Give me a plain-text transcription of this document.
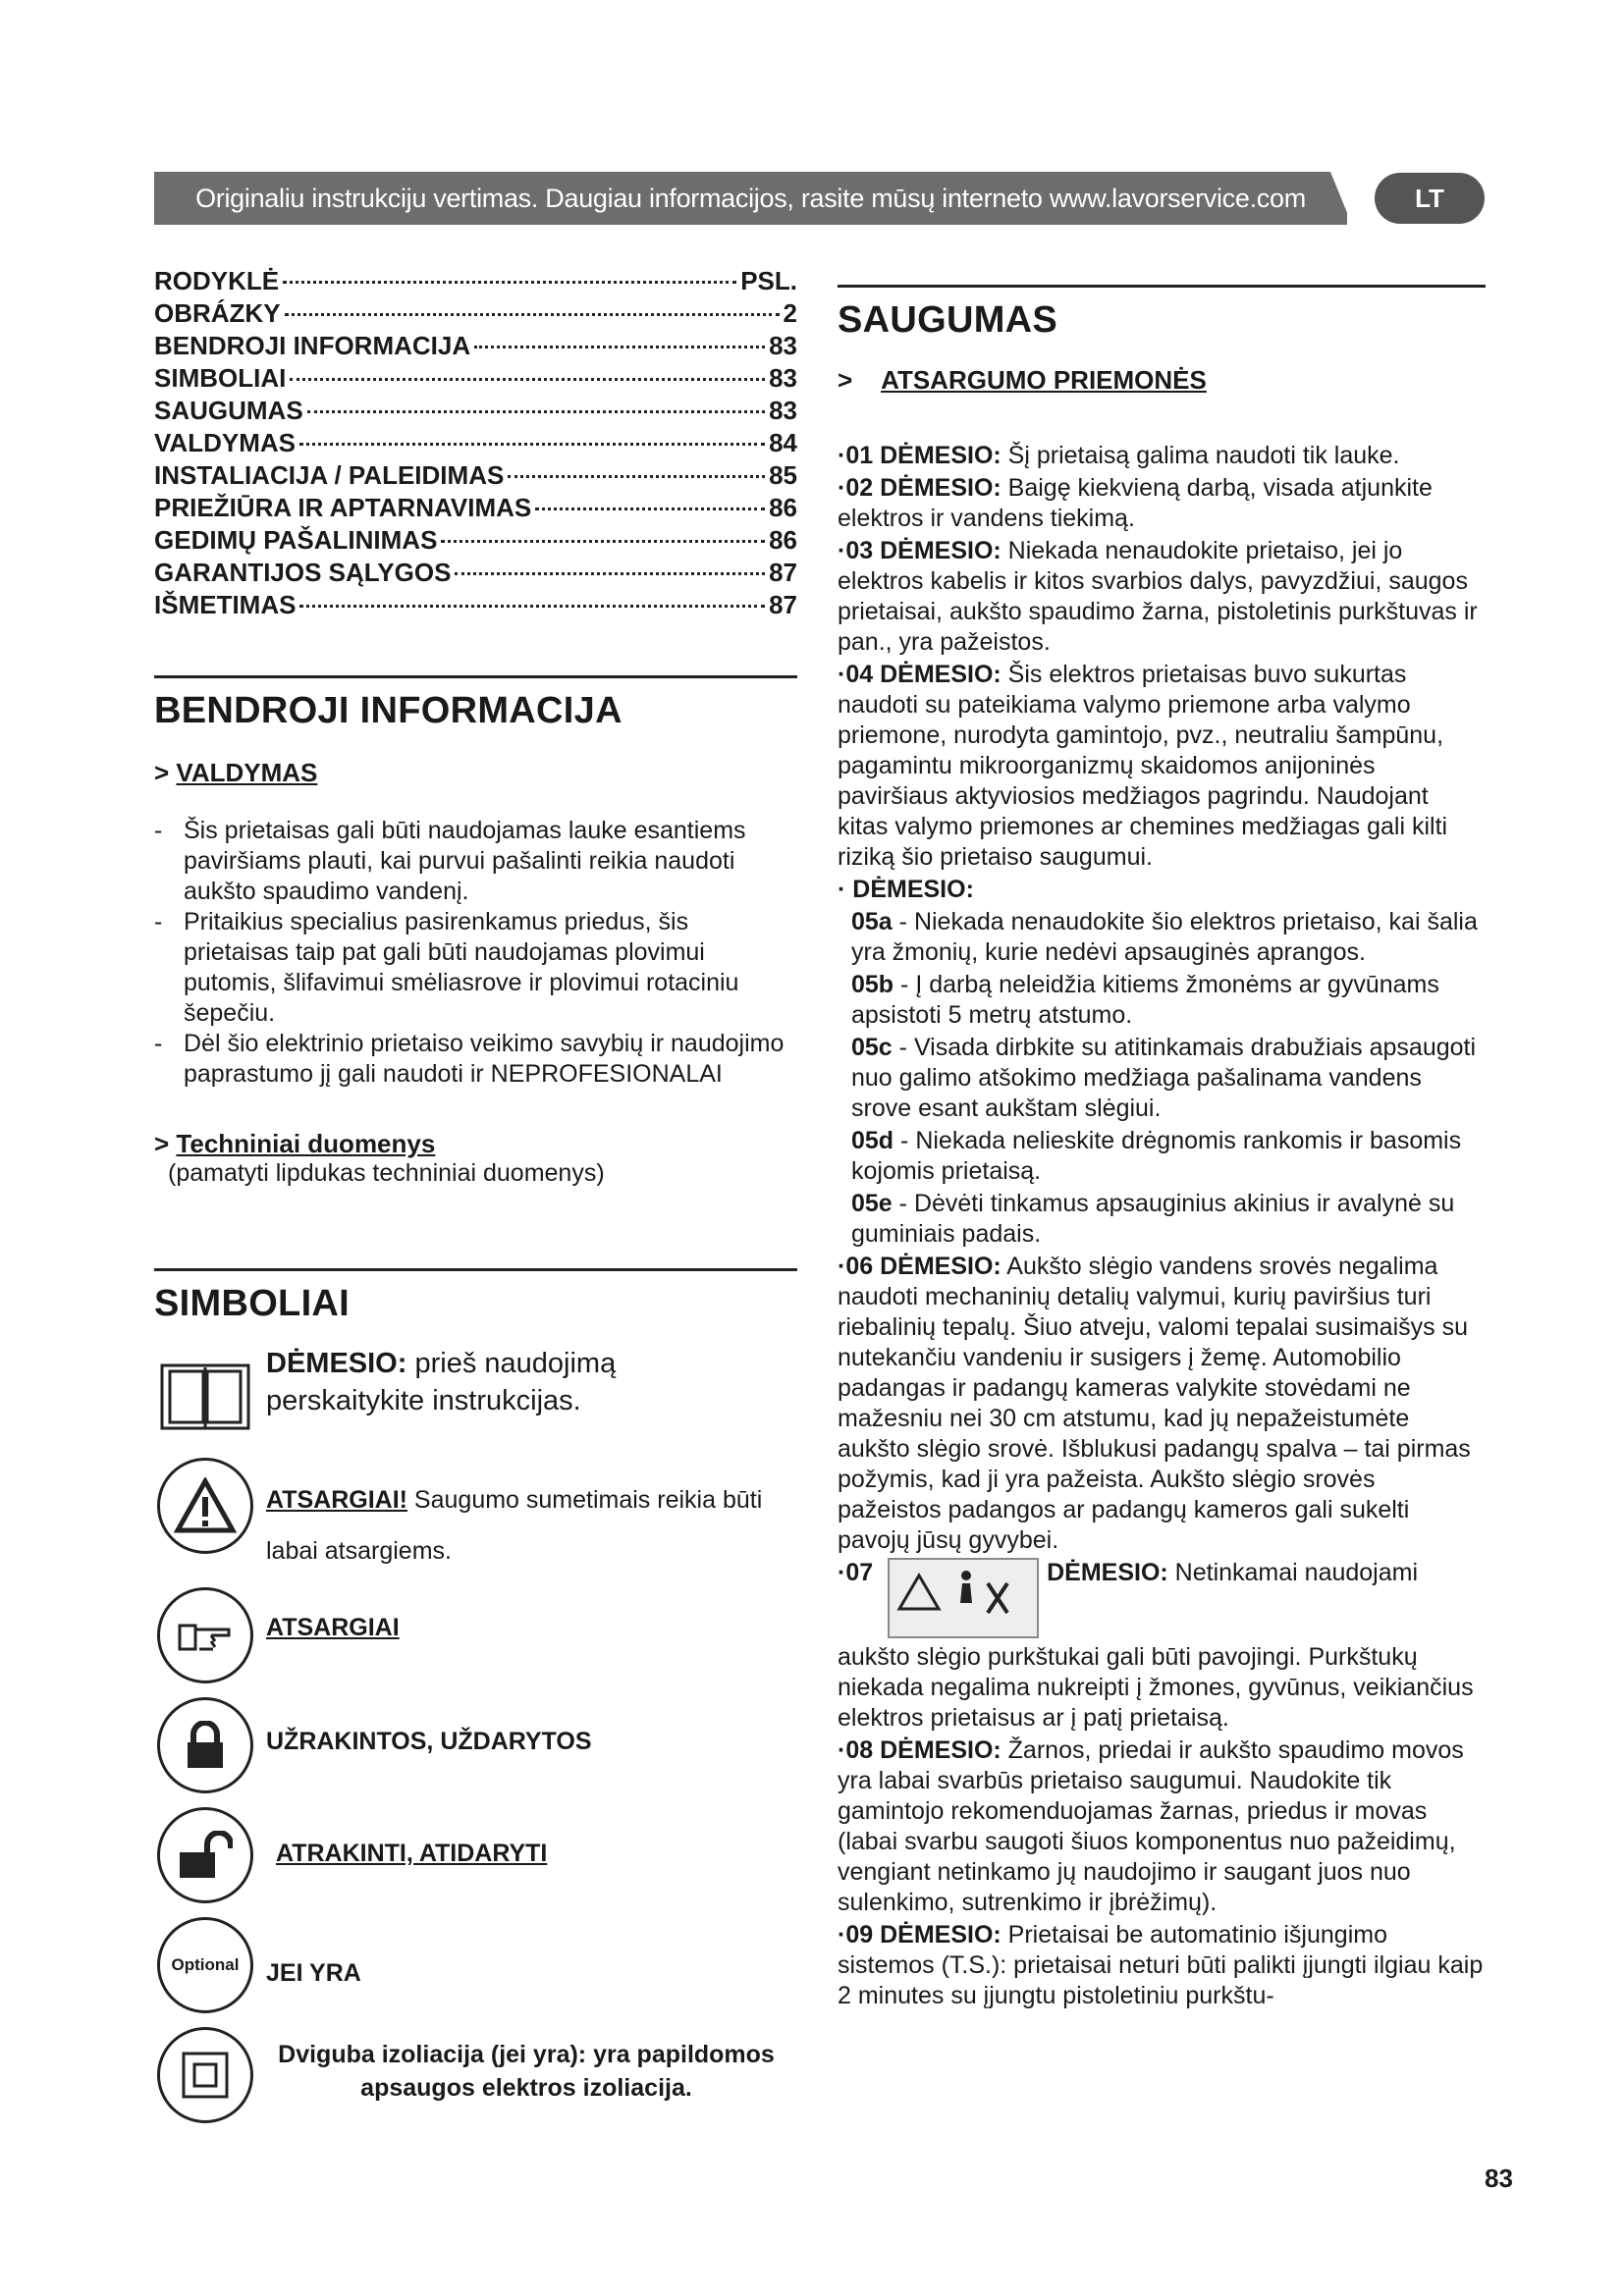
Originaliu instrukciju vertimas. Daugiau informacijos, rasite mūsų interneto www.lavorservice.com	LT
RODYKLĖ	PSL.
OBRÁZKY	2
BENDROJI INFORMACIJA	83
SIMBOLIAI	83
SAUGUMAS	83
VALDYMAS	84
INSTALIACIJA / PALEIDIMAS	85
PRIEŽIŪRA IR APTARNAVIMAS	86
GEDIMŲ PAŠALINIMAS	86
GARANTIJOS SĄLYGOS	87
IŠMETIMAS	87
BENDROJI INFORMACIJA
> VALDYMAS
- Šis prietaisas gali būti naudojamas lauke esantiems paviršiams plauti, kai purvui pašalinti reikia naudoti aukšto spaudimo vandenį.
- Pritaikius specialius pasirenkamus priedus, šis prietaisas taip pat gali būti naudojamas plovimui putomis, šlifavimui smėliasrove ir plovimui rotaciniu šepečiu.
- Dėl šio elektrinio prietaiso veikimo savybių ir naudojimo paprastumo jį gali naudoti ir NEPROFESIONALAI
> Techniniai duomenys
(pamatyti lipdukas techniniai duomenys)
SIMBOLIAI
DĖMESIO: prieš naudojimą perskaitykite instrukcijas.
ATSARGIAI! Saugumo sumetimais reikia būti labai atsargiems.
ATSARGIAI
UŽRAKINTOS, UŽDARYTOS
ATRAKINTI, ATIDARYTI
Optional	JEI YRA
Dviguba izoliacija (jei yra): yra papildomos apsaugos elektros izoliacija.
SAUGUMAS
> ATSARGUMO PRIEMONĖS
·01 DĖMESIO: Šį prietaisą galima naudoti tik lauke.
·02 DĖMESIO: Baigę kiekvieną darbą, visada atjunkite elektros ir vandens tiekimą.
·03 DĖMESIO: Niekada nenaudokite prietaiso, jei jo elektros kabelis ir kitos svarbios dalys, pavyzdžiui, saugos prietaisai, aukšto spaudimo žarna, pistoletinis purkštuvas ir pan., yra pažeistos.
·04 DĖMESIO: Šis elektros prietaisas buvo sukurtas naudoti su pateikiama valymo priemone arba valymo priemone, nurodyta gamintojo, pvz., neutraliu šampūnu, pagamintu mikroorganizmų skaidomos anijoninės paviršiaus aktyviosios medžiagos pagrindu. Naudojant kitas valymo priemones ar chemines medžiagas gali kilti riziką šio prietaiso saugumui.
· DĖMESIO:
05a - Niekada nenaudokite šio elektros prietaiso, kai šalia yra žmonių, kurie nedėvi apsauginės aprangos.
05b - Į darbą neleidžia kitiems žmonėms ar gyvūnams apsistoti 5 metrų atstumo.
05c - Visada dirbkite su atitinkamais drabužiais apsaugoti nuo galimo atšokimo medžiaga pašalinama vandens srove esant aukštam slėgiui.
05d - Niekada nelieskite drėgnomis rankomis ir basomis kojomis prietaisą.
05e - Dėvėti tinkamus apsauginius akinius ir avalynė su guminiais padais.
·06 DĖMESIO: Aukšto slėgio vandens srovės negalima naudoti mechaninių detalių valymui, kurių paviršius turi riebalinių tepalų. Šiuo atveju, valomi tepalai susimaišys su nutekančiu vandeniu ir susigers į žemę. Automobilio padangas ir padangų kameras valykite stovėdami ne mažesniu nei 30 cm atstumu, kad jų nepažeistumėte aukšto slėgio srovė. Išblukusi padangų spalva – tai pirmas požymis, kad ji yra pažeista. Aukšto slėgio srovės pažeistos padangos ar padangų kameros gali sukelti pavojų jūsų gyvybei.
·07	DĖMESIO: Netinkamai naudojami aukšto slėgio purkštukai gali būti pavojingi. Purkštukų niekada negalima nukreipti į žmones, gyvūnus, veikiančius elektros prietaisus ar į patį prietaisą.
·08 DĖMESIO: Žarnos, priedai ir aukšto spaudimo movos yra labai svarbūs prietaiso saugumui. Naudokite tik gamintojo rekomenduojamas žarnas, priedus ir movas (labai svarbu saugoti šiuos komponentus nuo pažeidimų, vengiant netinkamo jų naudojimo ir saugant juos nuo sulenkimo, sutrenkimo ir įbrėžimų).
·09 DĖMESIO: Prietaisai be automatinio išjungimo sistemos (T.S.): prietaisai neturi būti palikti įjungti ilgiau kaip 2 minutes su įjungtu pistoletiniu purkštu-
83
